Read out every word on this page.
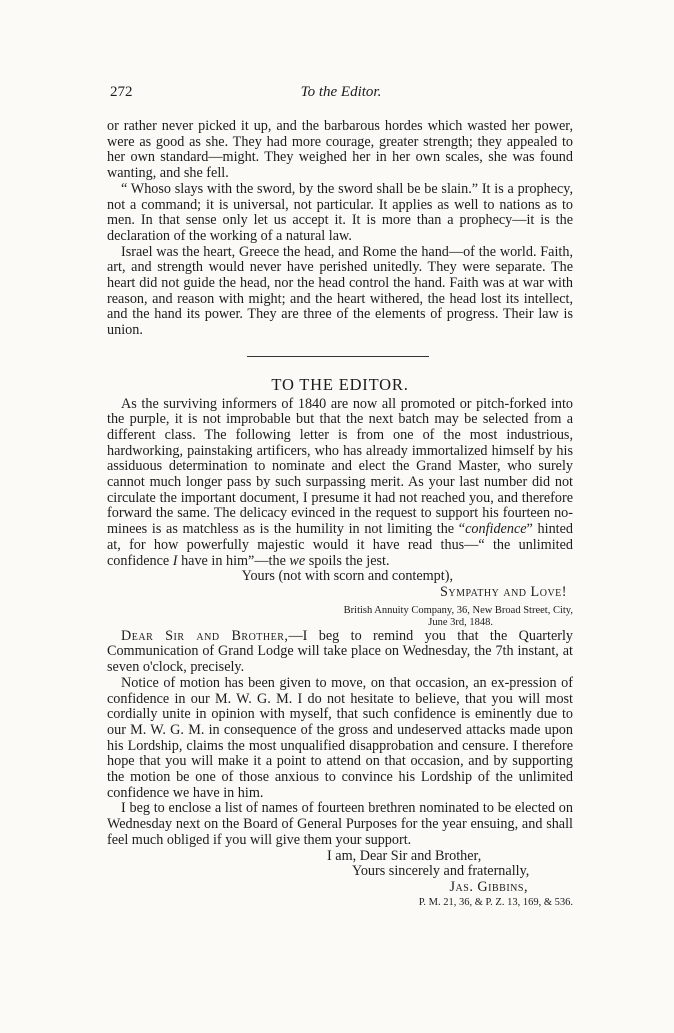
272	To the Editor.

or rather never picked it up, and the barbarous hordes which wasted her power, were as good as she. They had more courage, greater strength; they appealed to her own standard—might. They weighed her in her own scales, she was found wanting, and she fell.

“ Whoso slays with the sword, by the sword shall be be slain.” It is a prophecy, not a command; it is universal, not particular. It applies as well to nations as to men. In that sense only let us accept it. It is more than a prophecy—it is the declaration of the working of a natural law.

Israel was the heart, Greece the head, and Rome the hand—of the world. Faith, art, and strength would never have perished unitedly. They were separate. The heart did not guide the head, nor the head control the hand. Faith was at war with reason, and reason with might; and the heart withered, the head lost its intellect, and the hand its power. They are three of the elements of progress. Their law is union.

TO THE EDITOR.

As the surviving informers of 1840 are now all promoted or pitch-forked into the purple, it is not improbable but that the next batch may be selected from a different class. The following letter is from one of the most industrious, hardworking, painstaking artificers, who has already immortalized himself by his assiduous determination to nominate and elect the Grand Master, who surely cannot much longer pass by such surpassing merit. As your last number did not circulate the important document, I presume it had not reached you, and therefore forward the same. The delicacy evinced in the request to support his fourteen no-minees is as matchless as is the humility in not limiting the “confidence” hinted at, for how powerfully majestic would it have read thus—“ the unlimited confidence I have in him”—the we spoils the jest.

Yours (not with scorn and contempt),

Sympathy and Love!

British Annuity Company, 36, New Broad Street, City,

June 3rd, 1848.

Dear Sir and Brother,—I beg to remind you that the Quarterly Communication of Grand Lodge will take place on Wednesday, the 7th instant, at seven o'clock, precisely.

Notice of motion has been given to move, on that occasion, an ex-pression of confidence in our M. W. G. M. I do not hesitate to believe, that you will most cordially unite in opinion with myself, that such confidence is eminently due to our M. W. G. M. in consequence of the gross and undeserved attacks made upon his Lordship, claims the most unqualified disapprobation and censure. I therefore hope that you will make it a point to attend on that occasion, and by supporting the motion be one of those anxious to convince his Lordship of the unlimited confidence we have in him.

I beg to enclose a list of names of fourteen brethren nominated to be elected on Wednesday next on the Board of General Purposes for the year ensuing, and shall feel much obliged if you will give them your support.

I am, Dear Sir and Brother,

Yours sincerely and fraternally,

Jas. Gibbins,

P. M. 21, 36, & P. Z. 13, 169, & 536.
